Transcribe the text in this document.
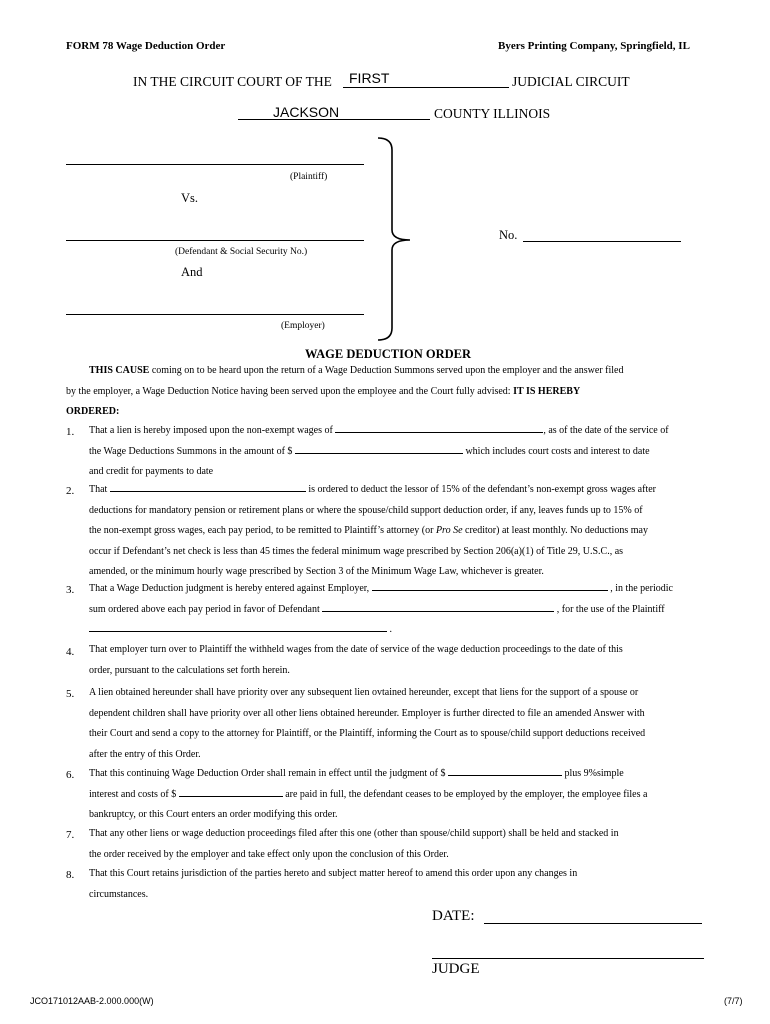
FORM 78 Wage Deduction Order	Byers Printing Company, Springfield, IL
IN THE CIRCUIT COURT OF THE FIRST	JUDICIAL CIRCUIT
JACKSON	COUNTY ILLINOIS
(Plaintiff)
Vs.
(Defendant & Social Security No.)
And
(Employer)
No.
WAGE DEDUCTION ORDER
THIS CAUSE coming on to be heard upon the return of a Wage Deduction Summons served upon the employer and the answer filed
by the employer, a Wage Deduction Notice having been served upon the employee and the Court fully advised: IT IS HEREBY
ORDERED:
1. That a lien is hereby imposed upon the non-exempt wages of	, as of the date of the service of
the Wage Deductions Summons in the amount of $	which includes court costs and interest to date
and credit for payments to date
2. That	is ordered to deduct the lessor of 15% of the defendant’s non-exempt gross wages after
deductions for mandatory pension or retirement plans or where the spouse/child support deduction order, if any, leaves funds up to 15% of
the non-exempt gross wages, each pay period, to be remitted to Plaintiff’s attorney (or Pro Se creditor) at least monthly. No deductions may
occur if Defendant’s net check is less than 45 times the federal minimum wage prescribed by Section 206(a)(1) of Title 29, U.S.C., as
amended, or the minimum hourly wage prescribed by Section 3 of the Minimum Wage Law, whichever is greater.
3. That a Wage Deduction judgment is hereby entered against Employer,	, in the periodic
sum ordered above each pay period in favor of Defendant	, for the use of the Plaintiff
.
4. That employer turn over to Plaintiff the withheld wages from the date of service of the wage deduction proceedings to the date of this
order, pursuant to the calculations set forth herein.
5. A lien obtained hereunder shall have priority over any subsequent lien ovtained hereunder, except that liens for the support of a spouse or
dependent children shall have priority over all other liens obtained hereunder. Employer is further directed to file an amended Answer with
their Court and send a copy to the attorney for Plaintiff, or the Plaintiff, informing the Court as to spouse/child support deductions received
after the entry of this Order.
6. That this continuing Wage Deduction Order shall remain in effect until the judgment of $	plus 9%simple
interest and costs of $	are paid in full, the defendant ceases to be employed by the employer, the employee files a
bankruptcy, or this Court enters an order modifying this order.
7. That any other liens or wage deduction proceedings filed after this one (other than spouse/child support) shall be held and stacked in
the order received by the employer and take effect only upon the conclusion of this Order.
8. That this Court retains jurisdiction of the parties hereto and subject matter hereof to amend this order upon any changes in
circumstances.
DATE:
JUDGE
JCO171012AAB-2.000.000(W)	(7/7)
